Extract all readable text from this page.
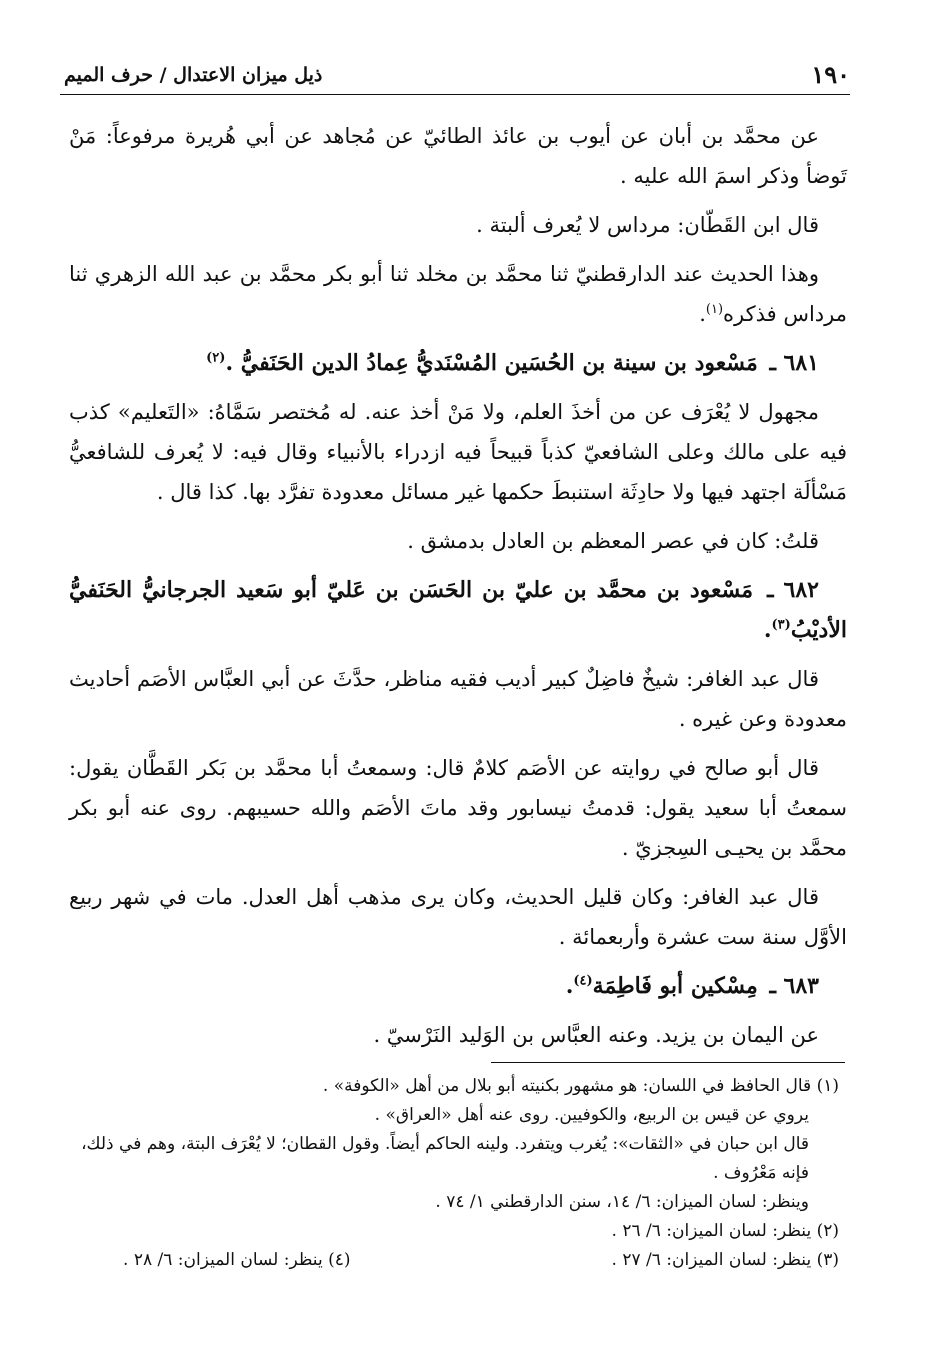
١٩٠
ذيل ميزان الاعتدال / حرف الميم

عن محمَّد بن أبان عن أيوب بن عائذ الطائيّ عن مُجاهد عن أبي هُريرة مرفوعاً: مَنْ تَوضأ وذكر اسمَ الله عليه .

قال ابن القَطّان: مرداس لا يُعرف ألبتة .

وهذا الحديث عند الدارقطنيّ ثنا محمَّد بن مخلد ثنا أبو بكر محمَّد بن عبد الله الزهري ثنا مرداس فذكره$^{(١)}$.

٦٨١ ـ مَسْعود بن سينة بن الحُسَين المُسْنَديُّ عِمادُ الدين الحَنَفيُّ .$^{(٢)}$

مجهول لا يُعْرَف عن من أخذَ العلم، ولا مَنْ أخذ عنه. له مُختصر سَمَّاهُ: «التَعليم» كذب فيه على مالك وعلى الشافعيّ كذباً قبيحاً فيه ازدراء بالأنبياء وقال فيه: لا يُعرف للشافعيُّ مَسْألَة اجتهد فيها ولا حادِثَة استنبطَ حكمها غير مسائل معدودة تفرَّد بها. كذا قال .

قلتُ: كان في عصر المعظم بن العادل بدمشق .

٦٨٢ ـ مَسْعود بن محمَّد بن عليّ بن الحَسَن بن عَليّ أبو سَعيد الجرجانيُّ الحَنَفيُّ الأديْبُ$^{(٣)}$.

قال عبد الغافر: شيخٌ فاضِلٌ كبير أديب فقيه مناظر، حدَّثَ عن أبي العبَّاس الأصَم أحاديث معدودة وعن غيره .

قال أبو صالح في روايته عن الأصَم كلامٌ قال: وسمعتُ أبا محمَّد بن بَكر القَطَّان يقول: سمعتُ أبا سعيد يقول: قدمتُ نيسابور وقد ماتَ الأصَم والله حسيبهم. روى عنه أبو بكر محمَّد بن يحيـى السِجزيّ .

قال عبد الغافر: وكان قليل الحديث، وكان يرى مذهب أهل العدل. مات في شهر ربيع الأوَّل سنة ست عشرة وأربعمائة .

٦٨٣ ـ مِسْكين أبو فَاطِمَة$^{(٤)}$.

عن اليمان بن يزيد. وعنه العبَّاس بن الوَليد النَرْسيّ .

(١) قال الحافظ في اللسان: هو مشهور بكنيته أبو بلال من أهل «الكوفة» .

يروي عن قيس بن الربيع، والكوفيين. روى عنه أهل «العراق» .

قال ابن حبان في «الثقات»: يُغرب ويتفرد. ولينه الحاكم أيضاً. وقول القطان؛ لا يُعْرَف البتة، وهم في ذلك، فإنه مَعْرُوف .

وينظر: لسان الميزان: ٦/ ١٤، سنن الدارقطني ١/ ٧٤ .

(٢) ينظر: لسان الميزان: ٦/ ٢٦ .

(٣) ينظر: لسان الميزان: ٦/ ٢٧ .

(٤) ينظر: لسان الميزان: ٦/ ٢٨ .
